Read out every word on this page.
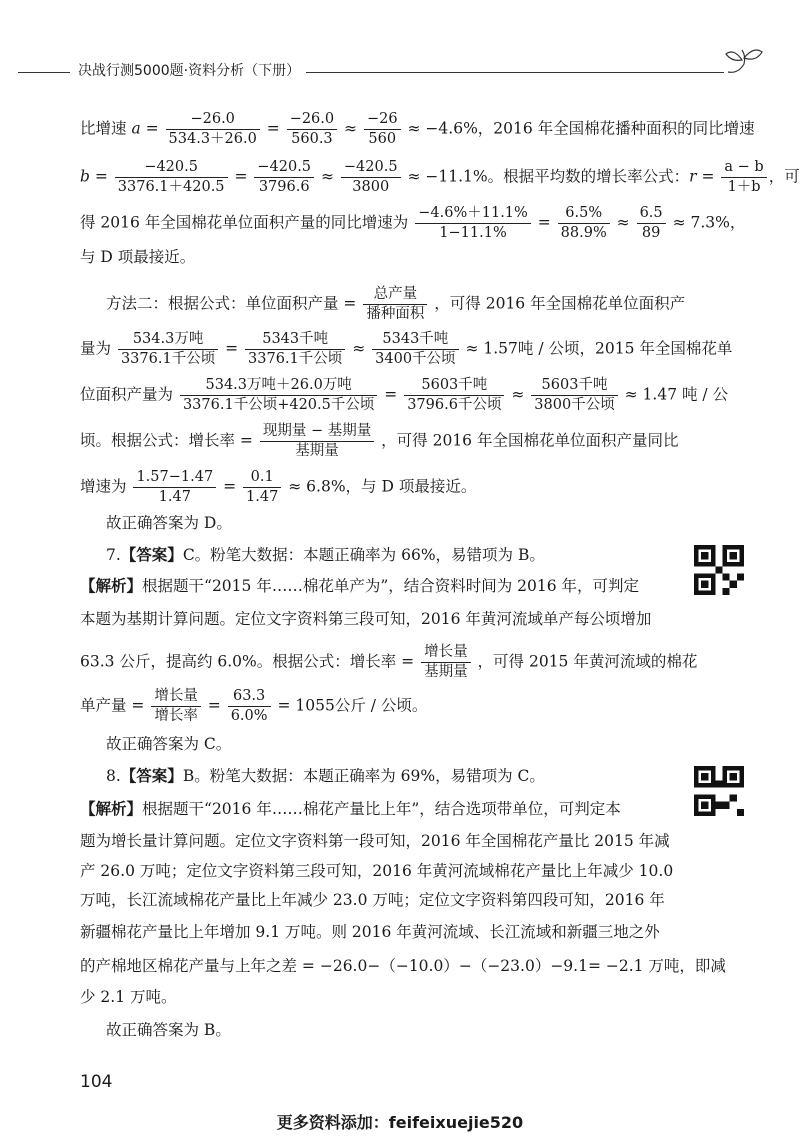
决战行测5000题·资料分析（下册）
比增速 $a = \frac{-26.0}{534.3+26.0} = \frac{-26.0}{560.3} \approx \frac{-26}{560} \approx -4.6\%$，2016 年全国棉花播种面积的同比增速
$b = \frac{-420.5}{3376.1+420.5} = \frac{-420.5}{3796.6} \approx \frac{-420.5}{3800} \approx -11.1\%$。根据平均数的增长率公式：$r = \frac{a - b}{1+b}$ ，可
得 2016 年全国棉花单位面积产量的同比增速为 $\frac{-4.6\%+11.1\%}{1-11.1\%} = \frac{6.5\%}{88.9\%} \approx \frac{6.5}{89} \approx 7.3\%$，
与 D 项最接近。
方法二：根据公式：单位面积产量 = $\frac{\text{总产量}}{\text{播种面积}}$ ，可得 2016 年全国棉花单位面积产
量为 $\frac{\text{534.3万吨}}{\text{3376.1千公顷}} = \frac{\text{5343千吨}}{\text{3376.1千公顷}} \approx \frac{\text{5343千吨}}{\text{3400千公顷}} \approx 1.57$吨 / 公顷，2015 年全国棉花单
位面积产量为 $\frac{\text{534.3万吨＋26.0万吨}}{\text{3376.1千公顷+420.5千公顷}} = \frac{\text{5603千吨}}{\text{3796.6千公顷}} \approx \frac{\text{5603千吨}}{\text{3800千公顷}} \approx 1.47$ 吨 / 公
顷。根据公式：增长率 = $\frac{\text{现期量 − 基期量}}{\text{基期量}}$ ，可得 2016 年全国棉花单位面积产量同比
增速为 $\frac{1.57-1.47}{1.47} = \frac{0.1}{1.47} \approx 6.8\%$，与 D 项最接近。
故正确答案为 D。
7.【答案】C。粉笔大数据：本题正确率为 66%，易错项为 B。
【解析】根据题干“2015 年……棉花单产为”，结合资料时间为 2016 年，可判定
本题为基期计算问题。定位文字资料第三段可知，2016 年黄河流域单产每公顷增加
63.3 公斤，提高约 6.0%。根据公式：增长率 = $\frac{\text{增长量}}{\text{基期量}}$ ，可得 2015 年黄河流域的棉花
单产量 = $\frac{\text{增长量}}{\text{增长率}} = \frac{63.3}{6.0\%} = 1055$公斤 / 公顷。
故正确答案为 C。
8.【答案】B。粉笔大数据：本题正确率为 69%，易错项为 C。
【解析】根据题干“2016 年……棉花产量比上年”，结合选项带单位，可判定本
题为增长量计算问题。定位文字资料第一段可知，2016 年全国棉花产量比 2015 年减
产 26.0 万吨；定位文字资料第三段可知，2016 年黄河流域棉花产量比上年减少 10.0
万吨，长江流域棉花产量比上年减少 23.0 万吨；定位文字资料第四段可知，2016 年
新疆棉花产量比上年增加 9.1 万吨。则 2016 年黄河流域、长江流域和新疆三地之外
的产棉地区棉花产量与上年之差 = −26.0−（−10.0）−（−23.0）−9.1= −2.1 万吨，即减
少 2.1 万吨。
故正确答案为 B。
104
更多资料添加：feifeixuejie520
